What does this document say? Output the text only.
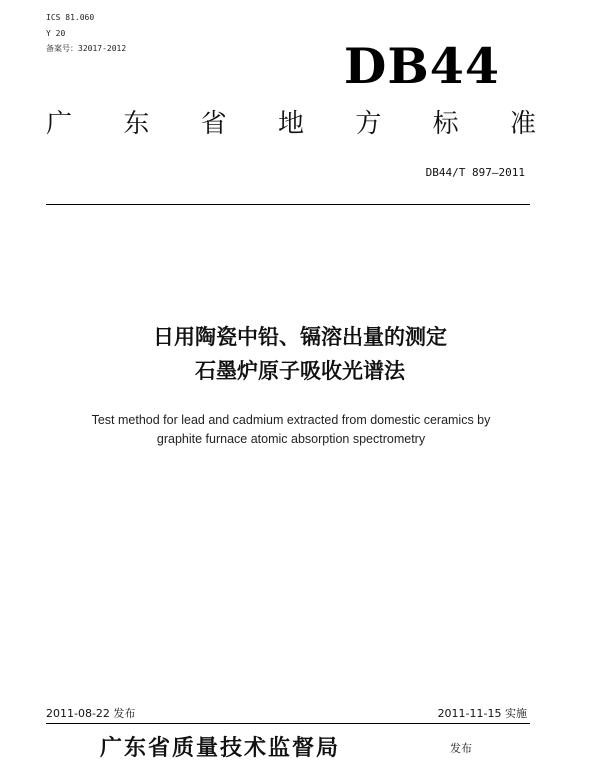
ICS 81.060
Y 20
备案号：32017-2012	DB44
广 东 省 地 方 标 准
DB44/T 897—2011
日用陶瓷中铅、镉溶出量的测定
石墨炉原子吸收光谱法
Test method for lead and cadmium extracted from domestic ceramics by
graphite furnace atomic absorption spectrometry
2011-08-22 发布	2011-11-15 实施
广东省质量技术监督局	发布
